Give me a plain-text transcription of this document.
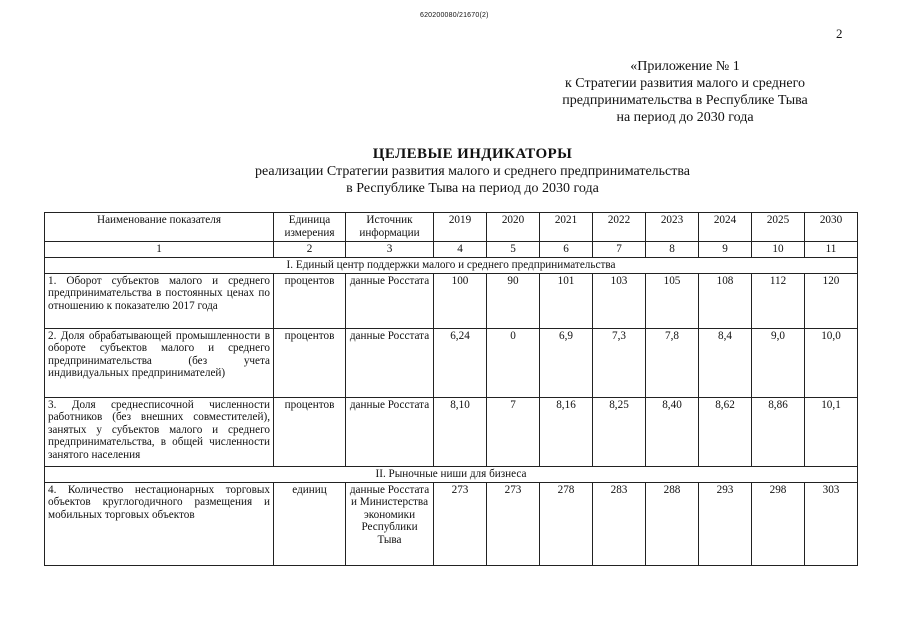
620200080/21670(2)
2
«Приложение № 1
к Стратегии развития малого и среднего
предпринимательства в Республике Тыва
на период до 2030 года
ЦЕЛЕВЫЕ ИНДИКАТОРЫ
реализации Стратегии развития малого и среднего предпринимательства
в Республике Тыва на период до 2030 года
Наименование показателя	Единица измерения	Источник информации	2019	2020	2021	2022	2023	2024	2025	2030
1	2	3	4	5	6	7	8	9	10	11
I. Единый центр поддержки малого и среднего предпринимательства										
1. Оборот субъектов малого и среднего предпринимательства в постоянных ценах по отношению к показателю 2017 года	процентов	данные Росстата	100	90	101	103	105	108	112	120
2. Доля обрабатывающей промышленности в обороте субъектов малого и среднего предпринимательства (без учета индивидуальных предпринимателей)	процентов	данные Росстата	6,24	0	6,9	7,3	7,8	8,4	9,0	10,0
3. Доля среднесписочной численности работников (без внешних совместителей), занятых у субъектов малого и среднего предпринимательства, в общей численности занятого населения	процентов	данные Росстата	8,10	7	8,16	8,25	8,40	8,62	8,86	10,1
II. Рыночные ниши для бизнеса										
4. Количество нестационарных торговых объектов круглогодичного размещения и мобильных торговых объектов	единиц	данные Росстата и Министерства экономики Республики Тыва	273	273	278	283	288	293	298	303
